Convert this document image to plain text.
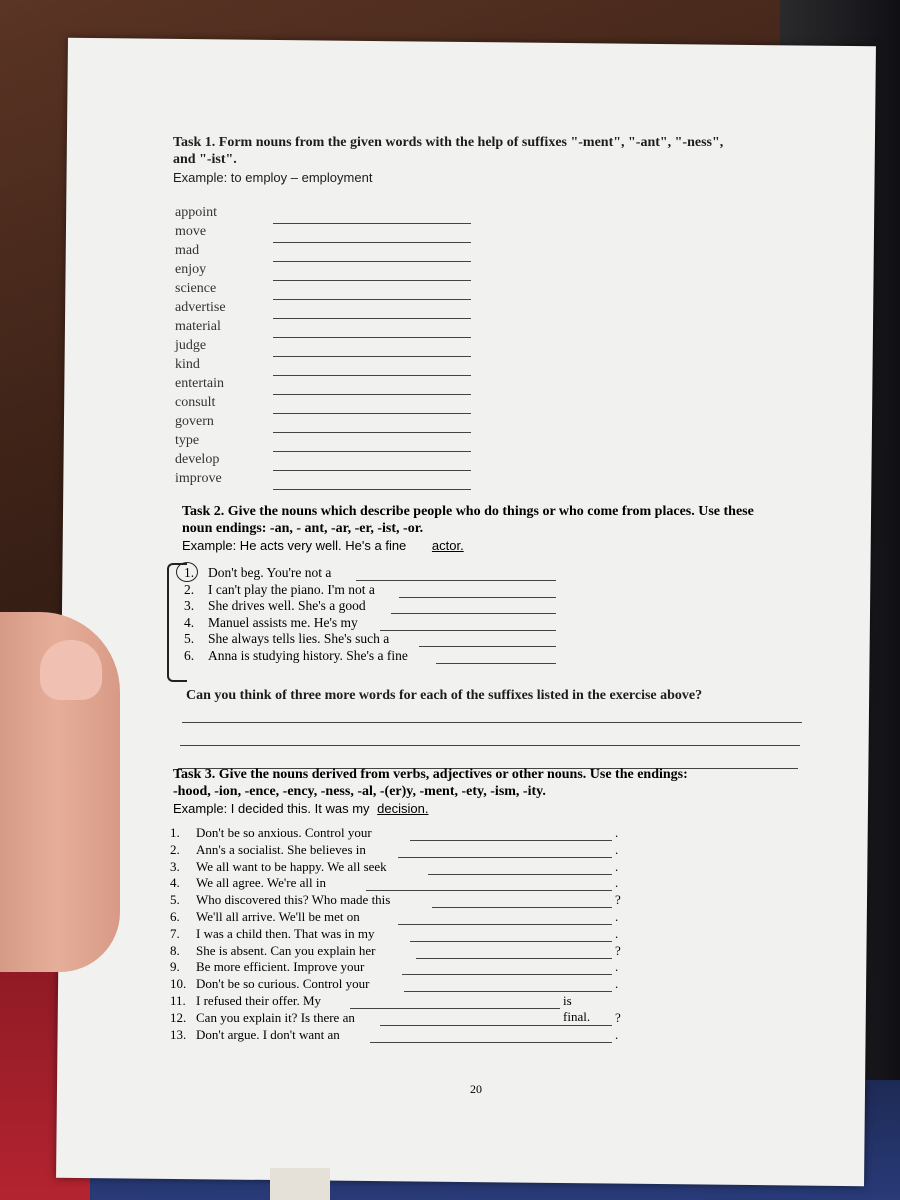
Task 1. Form nouns from the given words with the help of suffixes "-ment", "-ant", "-ness",
and "-ist".
Example: to employ – employment
appoint
move
mad
enjoy
science
advertise
material
judge
kind
entertain
consult
govern
type
develop
improve
Task 2. Give the nouns which describe people who do things or who come from places. Use these
noun endings: -an, - ant, -ar, -er, -ist, -or.
Example: He acts very well. He's a fine actor.
1. Don't beg. You're not a
2. I can't play the piano. I'm not a
3. She drives well. She's a good
4. Manuel assists me. He's my
5. She always tells lies. She's such a
6. Anna is studying history. She's a fine
Can you think of three more words for each of the suffixes listed in the exercise above?
Task 3. Give the nouns derived from verbs, adjectives or other nouns. Use the endings:
-hood, -ion, -ence, -ency, -ness, -al, -(er)y, -ment, -ety, -ism, -ity.
Example: I decided this. It was my decision.
1. Don't be so anxious. Control your	.
2. Ann's a socialist. She believes in	.
3. We all want to be happy. We all seek	.
4. We all agree. We're all in	.
5. Who discovered this? Who made this	?
6. We'll all arrive. We'll be met on	.
7. I was a child then. That was in my	.
8. She is absent. Can you explain her	?
9. Be more efficient. Improve your	.
10. Don't be so curious. Control your	.
11. I refused their offer. My	is final.
12. Can you explain it? Is there an	?
13. Don't argue. I don't want an	.
20
